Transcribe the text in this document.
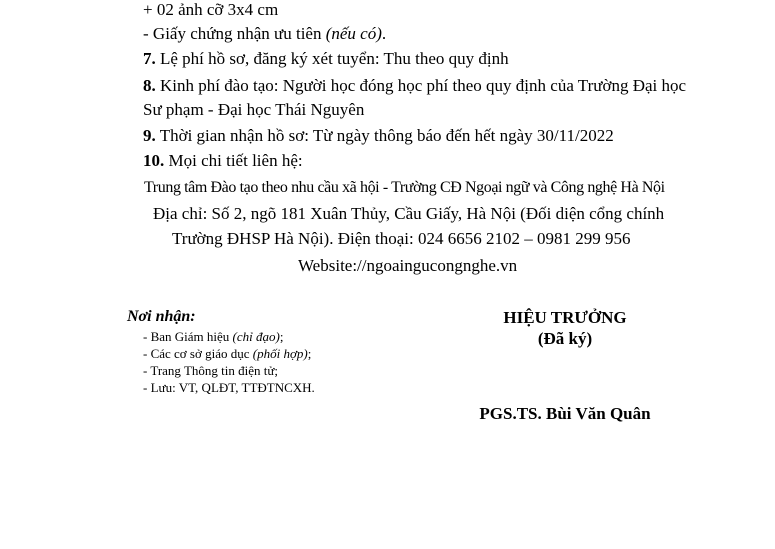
+ 02 ảnh cỡ 3x4 cm
- Giấy chứng nhận ưu tiên (nếu có).
7. Lệ phí hồ sơ, đăng ký xét tuyển: Thu theo quy định
8. Kinh phí đào tạo: Người học đóng học phí theo quy định của Trường Đại học
Sư phạm - Đại học Thái Nguyên
9. Thời gian nhận hồ sơ: Từ ngày thông báo đến hết ngày 30/11/2022
10. Mọi chi tiết liên hệ:
Trung tâm Đào tạo theo nhu cầu xã hội - Trường CĐ Ngoại ngữ và Công nghệ Hà Nội
Địa chỉ: Số 2, ngõ 181 Xuân Thủy, Cầu Giấy, Hà Nội (Đối diện cổng chính
Trường ĐHSP Hà Nội). Điện thoại: 024 6656 2102 – 0981 299 956
Website://ngoaingucongnghe.vn
Nơi nhận:
- Ban Giám hiệu (chỉ đạo);
- Các cơ sở giáo dục (phối hợp);
- Trang Thông tin điện tử;
- Lưu: VT, QLĐT, TTĐTNCXH.
HIỆU TRƯỞNG
(Đã ký)
PGS.TS. Bùi Văn Quân
